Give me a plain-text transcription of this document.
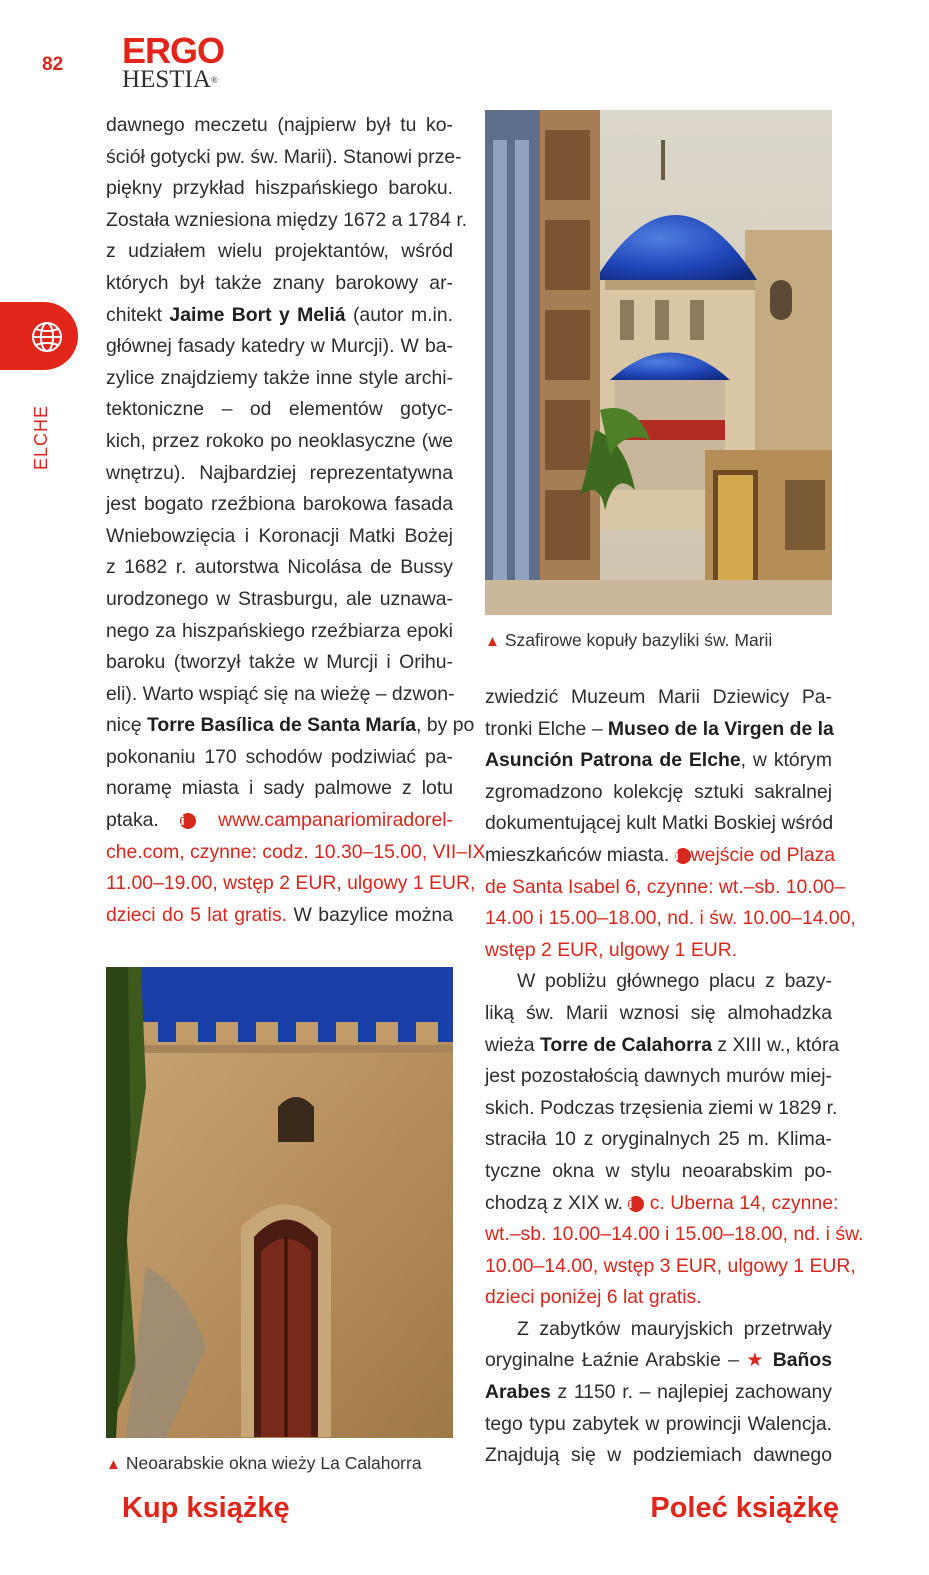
82 ERGO
HESTIA®
ELCHE
dawnego meczetu (najpierw był tu ko-
ściół gotycki pw. św. Marii). Stanowi prze-
piękny przykład hiszpańskiego baroku.
Została wzniesiona między 1672 a 1784 r.
z udziałem wielu projektantów, wśród
których był także znany barokowy ar-
chitekt Jaime Bort y Meliá (autor m.in.
głównej fasady katedry w Murcji). W ba-
zylice znajdziemy także inne style archi-
tektoniczne – od elementów gotyc-
kich, przez rokoko po neoklasyczne (we
wnętrzu). Najbardziej reprezentatywna
jest bogato rzeźbiona barokowa fasada
Wniebowzięcia i Koronacji Matki Bożej
z 1682 r. autorstwa Nicolása de Bussy
urodzonego w Strasburgu, ale uznawa-
nego za hiszpańskiego rzeźbiarza epoki
baroku (tworzył także w Murcji i Orihu-
eli). Warto wspiąć się na wieżę – dzwon-
nicę Torre Basílica de Santa María, by po
pokonaniu 170 schodów podziwiać pa-
noramę miasta i sady palmowe z lotu
ptaka. i www.campanariomiradorel-
che.com, czynne: codz. 10.30–15.00, VII–IX
11.00–19.00, wstęp 2 EUR, ulgowy 1 EUR,
dzieci do 5 lat gratis. W bazylice można
▲ Szafirowe kopuły bazyliki św. Marii
zwiedzić Muzeum Marii Dziewicy Pa-
tronki Elche – Museo de la Virgen de la
Asunción Patrona de Elche, w którym
zgromadzono kolekcję sztuki sakralnej
dokumentującej kult Matki Boskiej wśród
mieszkańców miasta. i wejście od Plaza
de Santa Isabel 6, czynne: wt.–sb. 10.00–
14.00 i 15.00–18.00, nd. i św. 10.00–14.00,
wstęp 2 EUR, ulgowy 1 EUR.
W pobliżu głównego placu z bazy-
liką św. Marii wznosi się almohadzka
wieża Torre de Calahorra z XIII w., która
jest pozostałością dawnych murów miej-
skich. Podczas trzęsienia ziemi w 1829 r.
straciła 10 z oryginalnych 25 m. Klima-
tyczne okna w stylu neoarabskim po-
chodzą z XIX w. i c. Uberna 14, czynne:
wt.–sb. 10.00–14.00 i 15.00–18.00, nd. i św.
10.00–14.00, wstęp 3 EUR, ulgowy 1 EUR,
dzieci poniżej 6 lat gratis.
Z zabytków mauryjskich przetrwały
oryginalne Łaźnie Arabskie – ★ Baños
Arabes z 1150 r. – najlepiej zachowany
tego typu zabytek w prowincji Walencja.
Znajdują się w podziemiach dawnego
▲ Neoarabskie okna wieży La Calahorra
Kup książkę	Poleć książkę
